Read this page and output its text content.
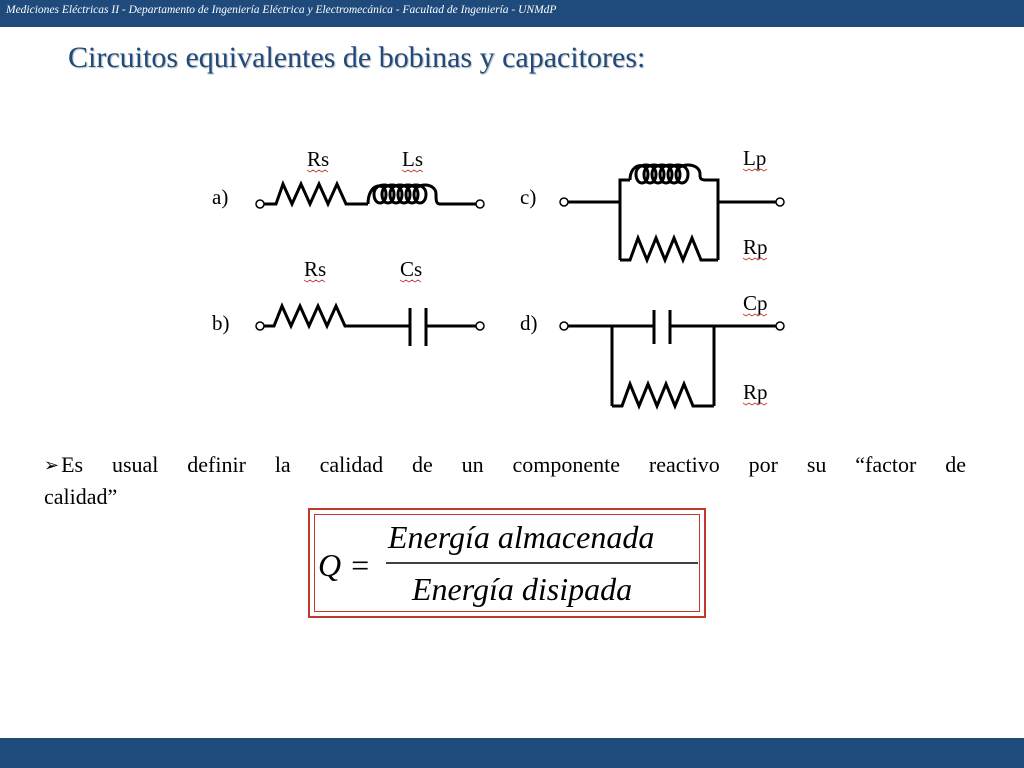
Mediciones Eléctricas II - Departamento de Ingeniería Eléctrica y Electromecánica - Facultad de Ingeniería - UNMdP
Circuitos equivalentes de bobinas y capacitores:
a)
Rs	Ls
b)
Rs	Cs
c)
Lp
Rp
d)
Cp
Rp
➢Es usual definir la calidad de un componente reactivo por su “factor de
calidad”
Q =
Energía almacenada
Energía disipada
